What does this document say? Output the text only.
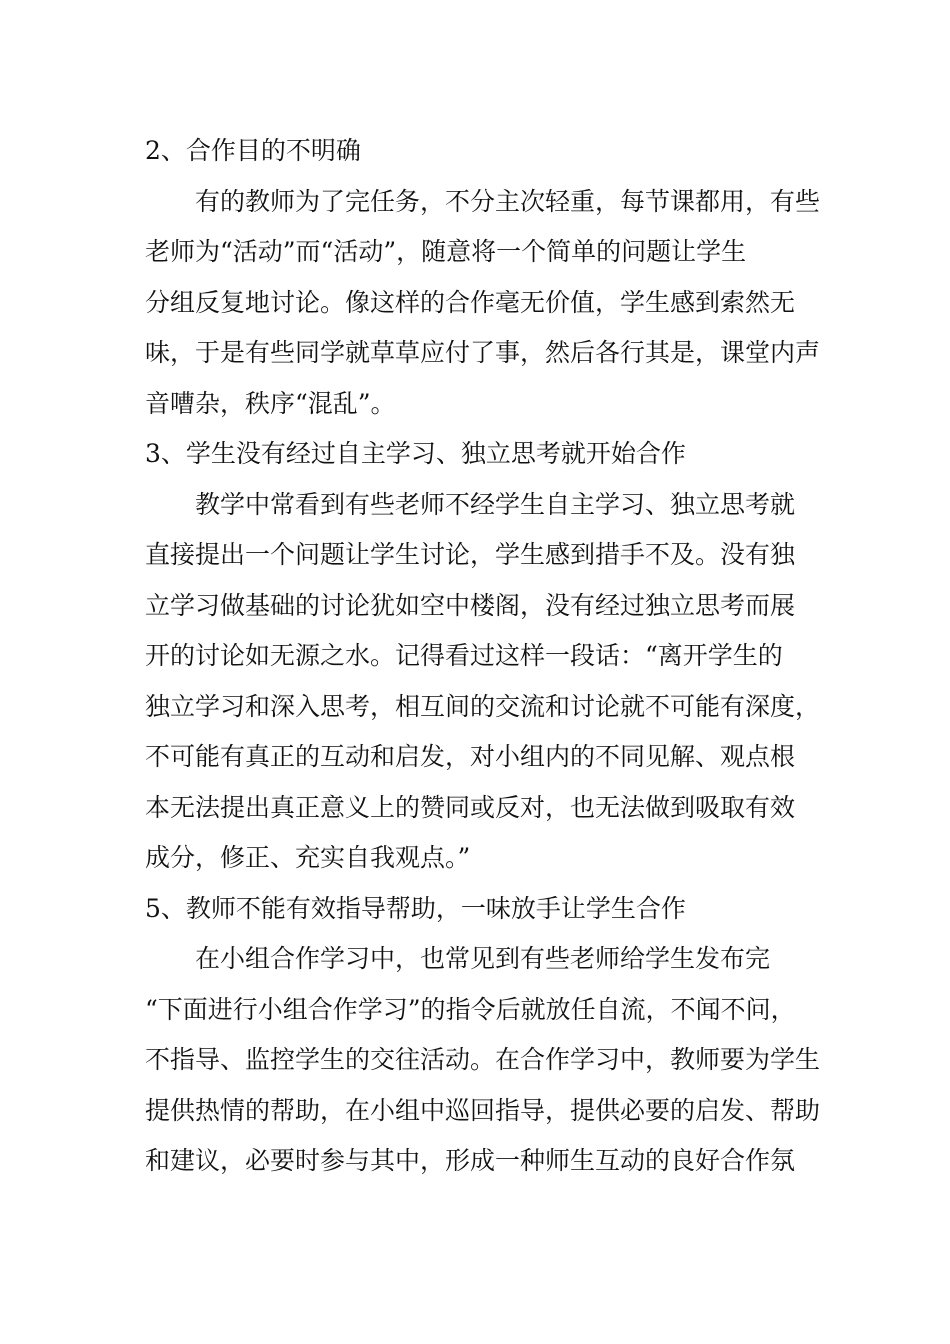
2、合作目的不明确
有的教师为了完任务，不分主次轻重，每节课都用，有些
老师为“活动”而“活动”，随意将一个简单的问题让学生
分组反复地讨论。像这样的合作毫无价值，学生感到索然无
味，于是有些同学就草草应付了事，然后各行其是，课堂内声
音嘈杂，秩序“混乱”。
3、学生没有经过自主学习、独立思考就开始合作
教学中常看到有些老师不经学生自主学习、独立思考就
直接提出一个问题让学生讨论，学生感到措手不及。没有独
立学习做基础的讨论犹如空中楼阁，没有经过独立思考而展
开的讨论如无源之水。记得看过这样一段话：“离开学生的
独立学习和深入思考，相互间的交流和讨论就不可能有深度，
不可能有真正的互动和启发，对小组内的不同见解、观点根
本无法提出真正意义上的赞同或反对，也无法做到吸取有效
成分，修正、充实自我观点。”
5、教师不能有效指导帮助，一味放手让学生合作
在小组合作学习中，也常见到有些老师给学生发布完
“下面进行小组合作学习”的指令后就放任自流，不闻不问，
不指导、监控学生的交往活动。在合作学习中，教师要为学生
提供热情的帮助，在小组中巡回指导，提供必要的启发、帮助
和建议，必要时参与其中，形成一种师生互动的良好合作氛
